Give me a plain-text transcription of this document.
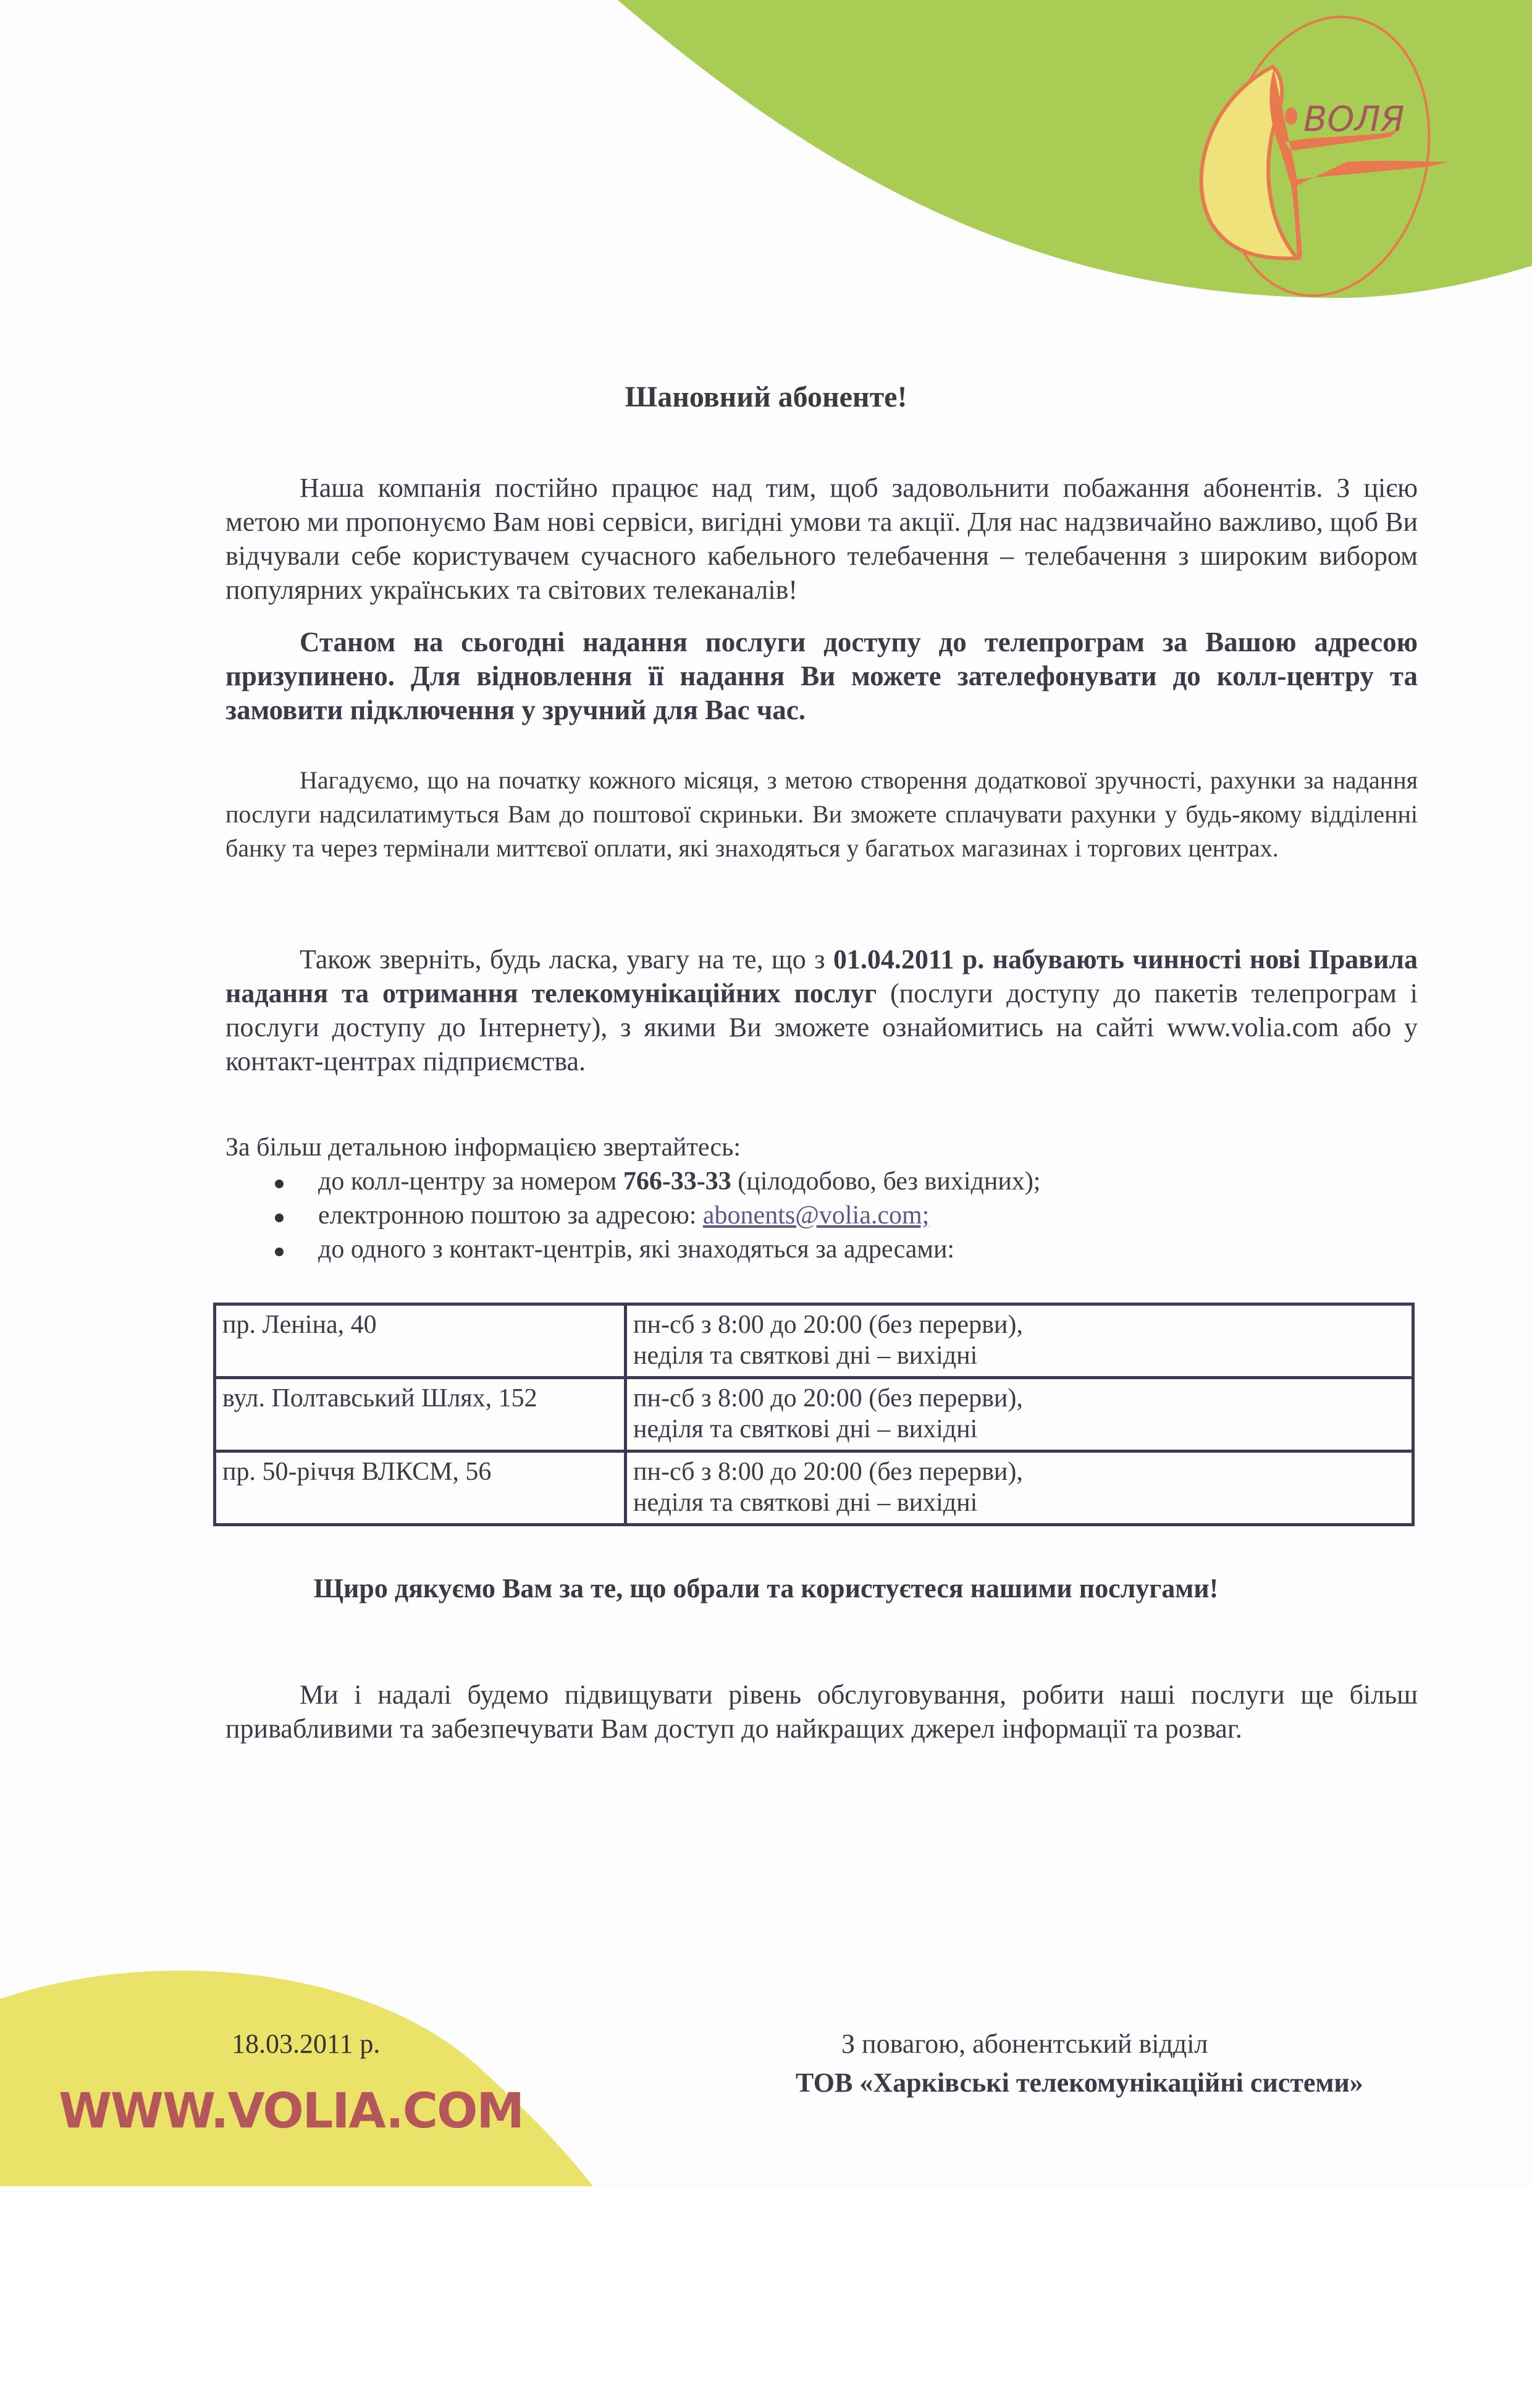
ВОЛЯ
Шановний абоненте!

Наша компанія постійно працює над тим, щоб задовольнити побажання абонентів. З цією метою ми пропонуємо Вам нові сервіси, вигідні умови та акції. Для нас надзвичайно важливо, щоб Ви відчували себе користувачем сучасного кабельного телебачення – телебачення з широким вибором популярних українських та світових телеканалів!

Станом на сьогодні надання послуги доступу до телепрограм за Вашою адресою призупинено. Для відновлення її надання Ви можете зателефонувати до колл-центру та замовити підключення у зручний для Вас час.

Нагадуємо, що на початку кожного місяця, з метою створення додаткової зручності, рахунки за надання послуги надсилатимуться Вам до поштової скриньки. Ви зможете сплачувати рахунки у будь-якому відділенні банку та через термінали миттєвої оплати, які знаходяться у багатьох магазинах і торгових центрах.

Також зверніть, будь ласка, увагу на те, що з 01.04.2011 р. набувають чинності нові Правила надання та отримання телекомунікаційних послуг (послуги доступу до пакетів телепрограм і послуги доступу до Інтернету), з якими Ви зможете ознайомитись на сайті www.volia.com або у контакт-центрах підприємства.

За більш детальною інформацією звертайтесь:
до колл-центру за номером 766-33-33 (цілодобово, без вихідних);
електронною поштою за адресою: abonents@volia.com;
до одного з контакт-центрів, які знаходяться за адресами:
пр. Леніна, 40	пн-сб з 8:00 до 20:00 (без перерви),
неділя та святкові дні – вихідні

вул. Полтавський Шлях, 152	пн-сб з 8:00 до 20:00 (без перерви),
неділя та святкові дні – вихідні

пр. 50-річчя ВЛКСМ, 56	пн-сб з 8:00 до 20:00 (без перерви),
неділя та святкові дні – вихідні
Щиро дякуємо Вам за те, що обрали та користуєтеся нашими послугами!

Ми і надалі будемо підвищувати рівень обслуговування, робити наші послуги ще більш привабливими та забезпечувати Вам доступ до найкращих джерел інформації та розваг.

18.03.2011 р.
WWW.VOLIA.COM
З повагою, абонентський відділ
ТОВ «Харківські телекомунікаційні системи»
